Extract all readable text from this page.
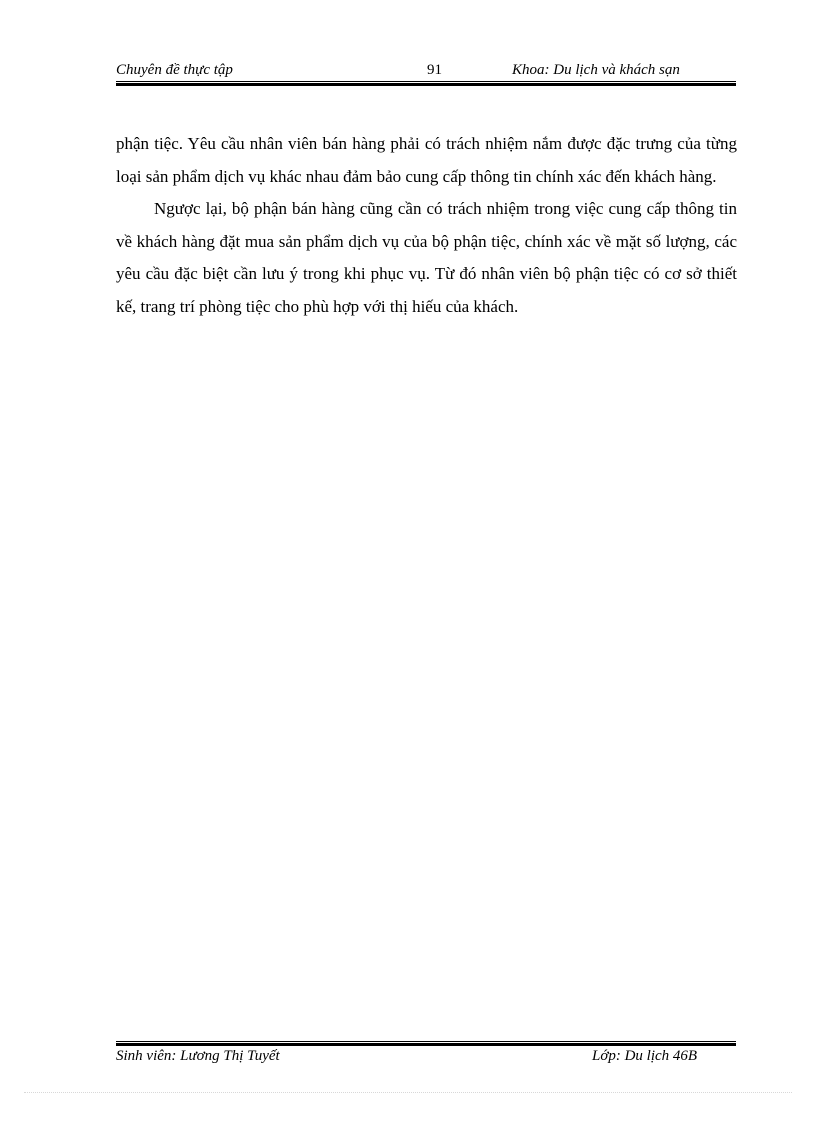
Chuyên đề thực tập	91	Khoa: Du lịch và khách sạn

phận tiệc. Yêu cầu nhân viên bán hàng phải có trách nhiệm nắm được đặc trưng của từng loại sản phẩm dịch vụ khác nhau đảm bảo cung cấp thông tin chính xác đến khách hàng.

Ngược lại, bộ phận bán hàng cũng cần có trách nhiệm trong việc cung cấp thông tin về khách hàng đặt mua sản phẩm dịch vụ của bộ phận tiệc, chính xác về mặt số lượng, các yêu cầu đặc biệt cần lưu ý trong khi phục vụ. Từ đó nhân viên bộ phận tiệc có cơ sở thiết kế, trang trí phòng tiệc cho phù hợp với thị hiếu của khách.

Sinh viên: Lương Thị Tuyết	Lớp: Du lịch 46B
